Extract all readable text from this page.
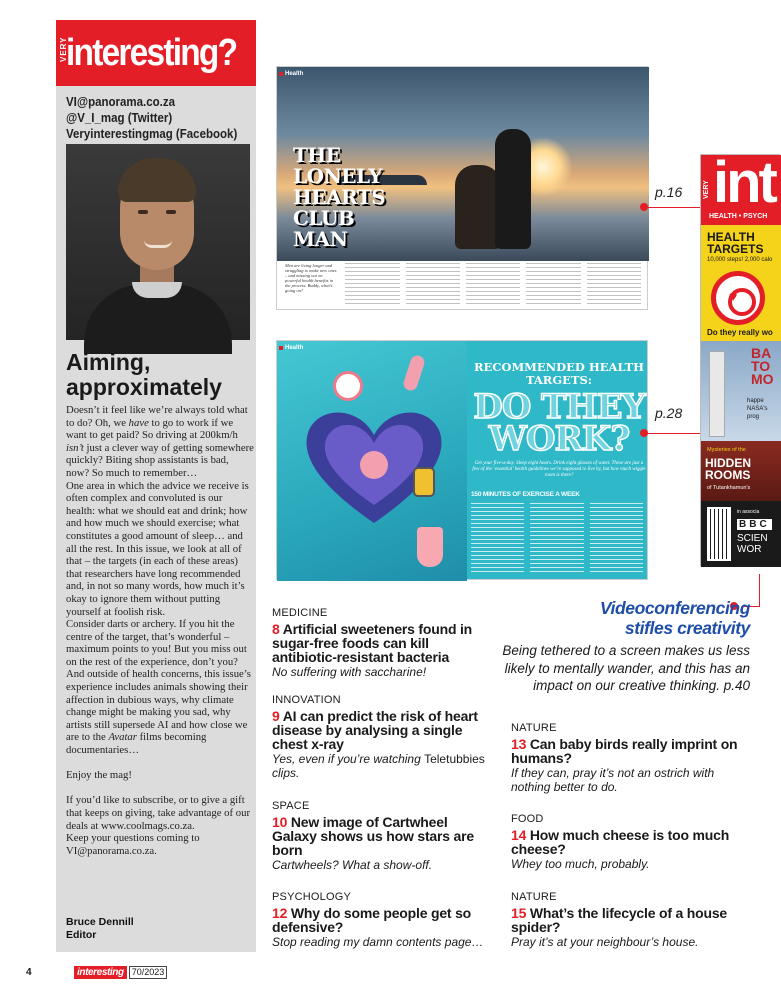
VERY
interesting?
VI@panorama.co.za
@V_I_mag (Twitter)
Veryinterestingmag (Facebook)
Aiming,
approximately

Doesn’t it feel like we’re always told what to do? Oh, we have to go to work if we want to get paid? So driving at 200km/h isn’t just a clever way of getting somewhere quickly? Biting shop assistants is bad, now? So much to remember…

One area in which the advice we receive is often complex and convoluted is our health: what we should eat and drink; how and how much we should exercise; what constitutes a good amount of sleep… and all the rest. In this issue, we look at all of that – the targets (in each of these areas) that researchers have long recommended and, in not so many words, how much it’s okay to ignore them without putting yourself at foolish risk.

Consider darts or archery. If you hit the centre of the target, that’s wonderful – maximum points to you! But you miss out on the rest of the experience, don’t you?

And outside of health concerns, this issue’s experience includes animals showing their affection in dubious ways, why climate change might be making you sad, why artists still supersede AI and how close we are to the Avatar films becoming documentaries…

Enjoy the mag!

If you’d like to subscribe, or to give a gift that keeps on giving, take advantage of our deals at www.coolmags.co.za.

Keep your questions coming to VI@panorama.co.za.

Bruce Dennill
Editor
4	interesting 70/2023
Health
THE
LONELY
HEARTS
CLUB
MAN
Men are living longer and struggling to make new ones – and missing out on powerful health benefits in the process. Buddy, what’s going on?
Health
RECOMMENDED HEALTH TARGETS:
DO THEY WORK?
Get your five-a-day. Sleep eight hours. Drink eight glasses of water. These are just a few of the ‘essential’ health guidelines we’re supposed to live by, but how much wiggle room is there?
150 MINUTES OF EXERCISE A WEEK
p.16
p.28
VERY int
HEALTH • PSYCH
HEALTH
TARGETS
10,000 steps! 2,000 calo
♥
Do they really wo
BA
TO
MO
happe
NASA's
prog
Mysteries of the
HIDDEN
ROOMS
of Tutankhamun's
in associa
BBC
SCIEN
WOR
MEDICINE
8 Artificial sweeteners found in sugar-free foods can kill antibiotic-resistant bacteria
No suffering with saccharine!
INNOVATION
9 AI can predict the risk of heart disease by analysing a single chest x-ray
Yes, even if you’re watching Teletubbies clips.
SPACE
10 New image of Cartwheel Galaxy shows us how stars are born
Cartwheels? What a show-off.
PSYCHOLOGY
12 Why do some people get so defensive?
Stop reading my damn contents page…
Videoconferencing
stifles creativity
Being tethered to a screen makes us less likely to mentally wander, and this has an impact on our creative thinking. p.40
NATURE
13 Can baby birds really imprint on humans?
If they can, pray it’s not an ostrich with nothing better to do.
FOOD
14 How much cheese is too much cheese?
Whey too much, probably.
NATURE
15 What’s the lifecycle of a house spider?
Pray it’s at your neighbour’s house.
